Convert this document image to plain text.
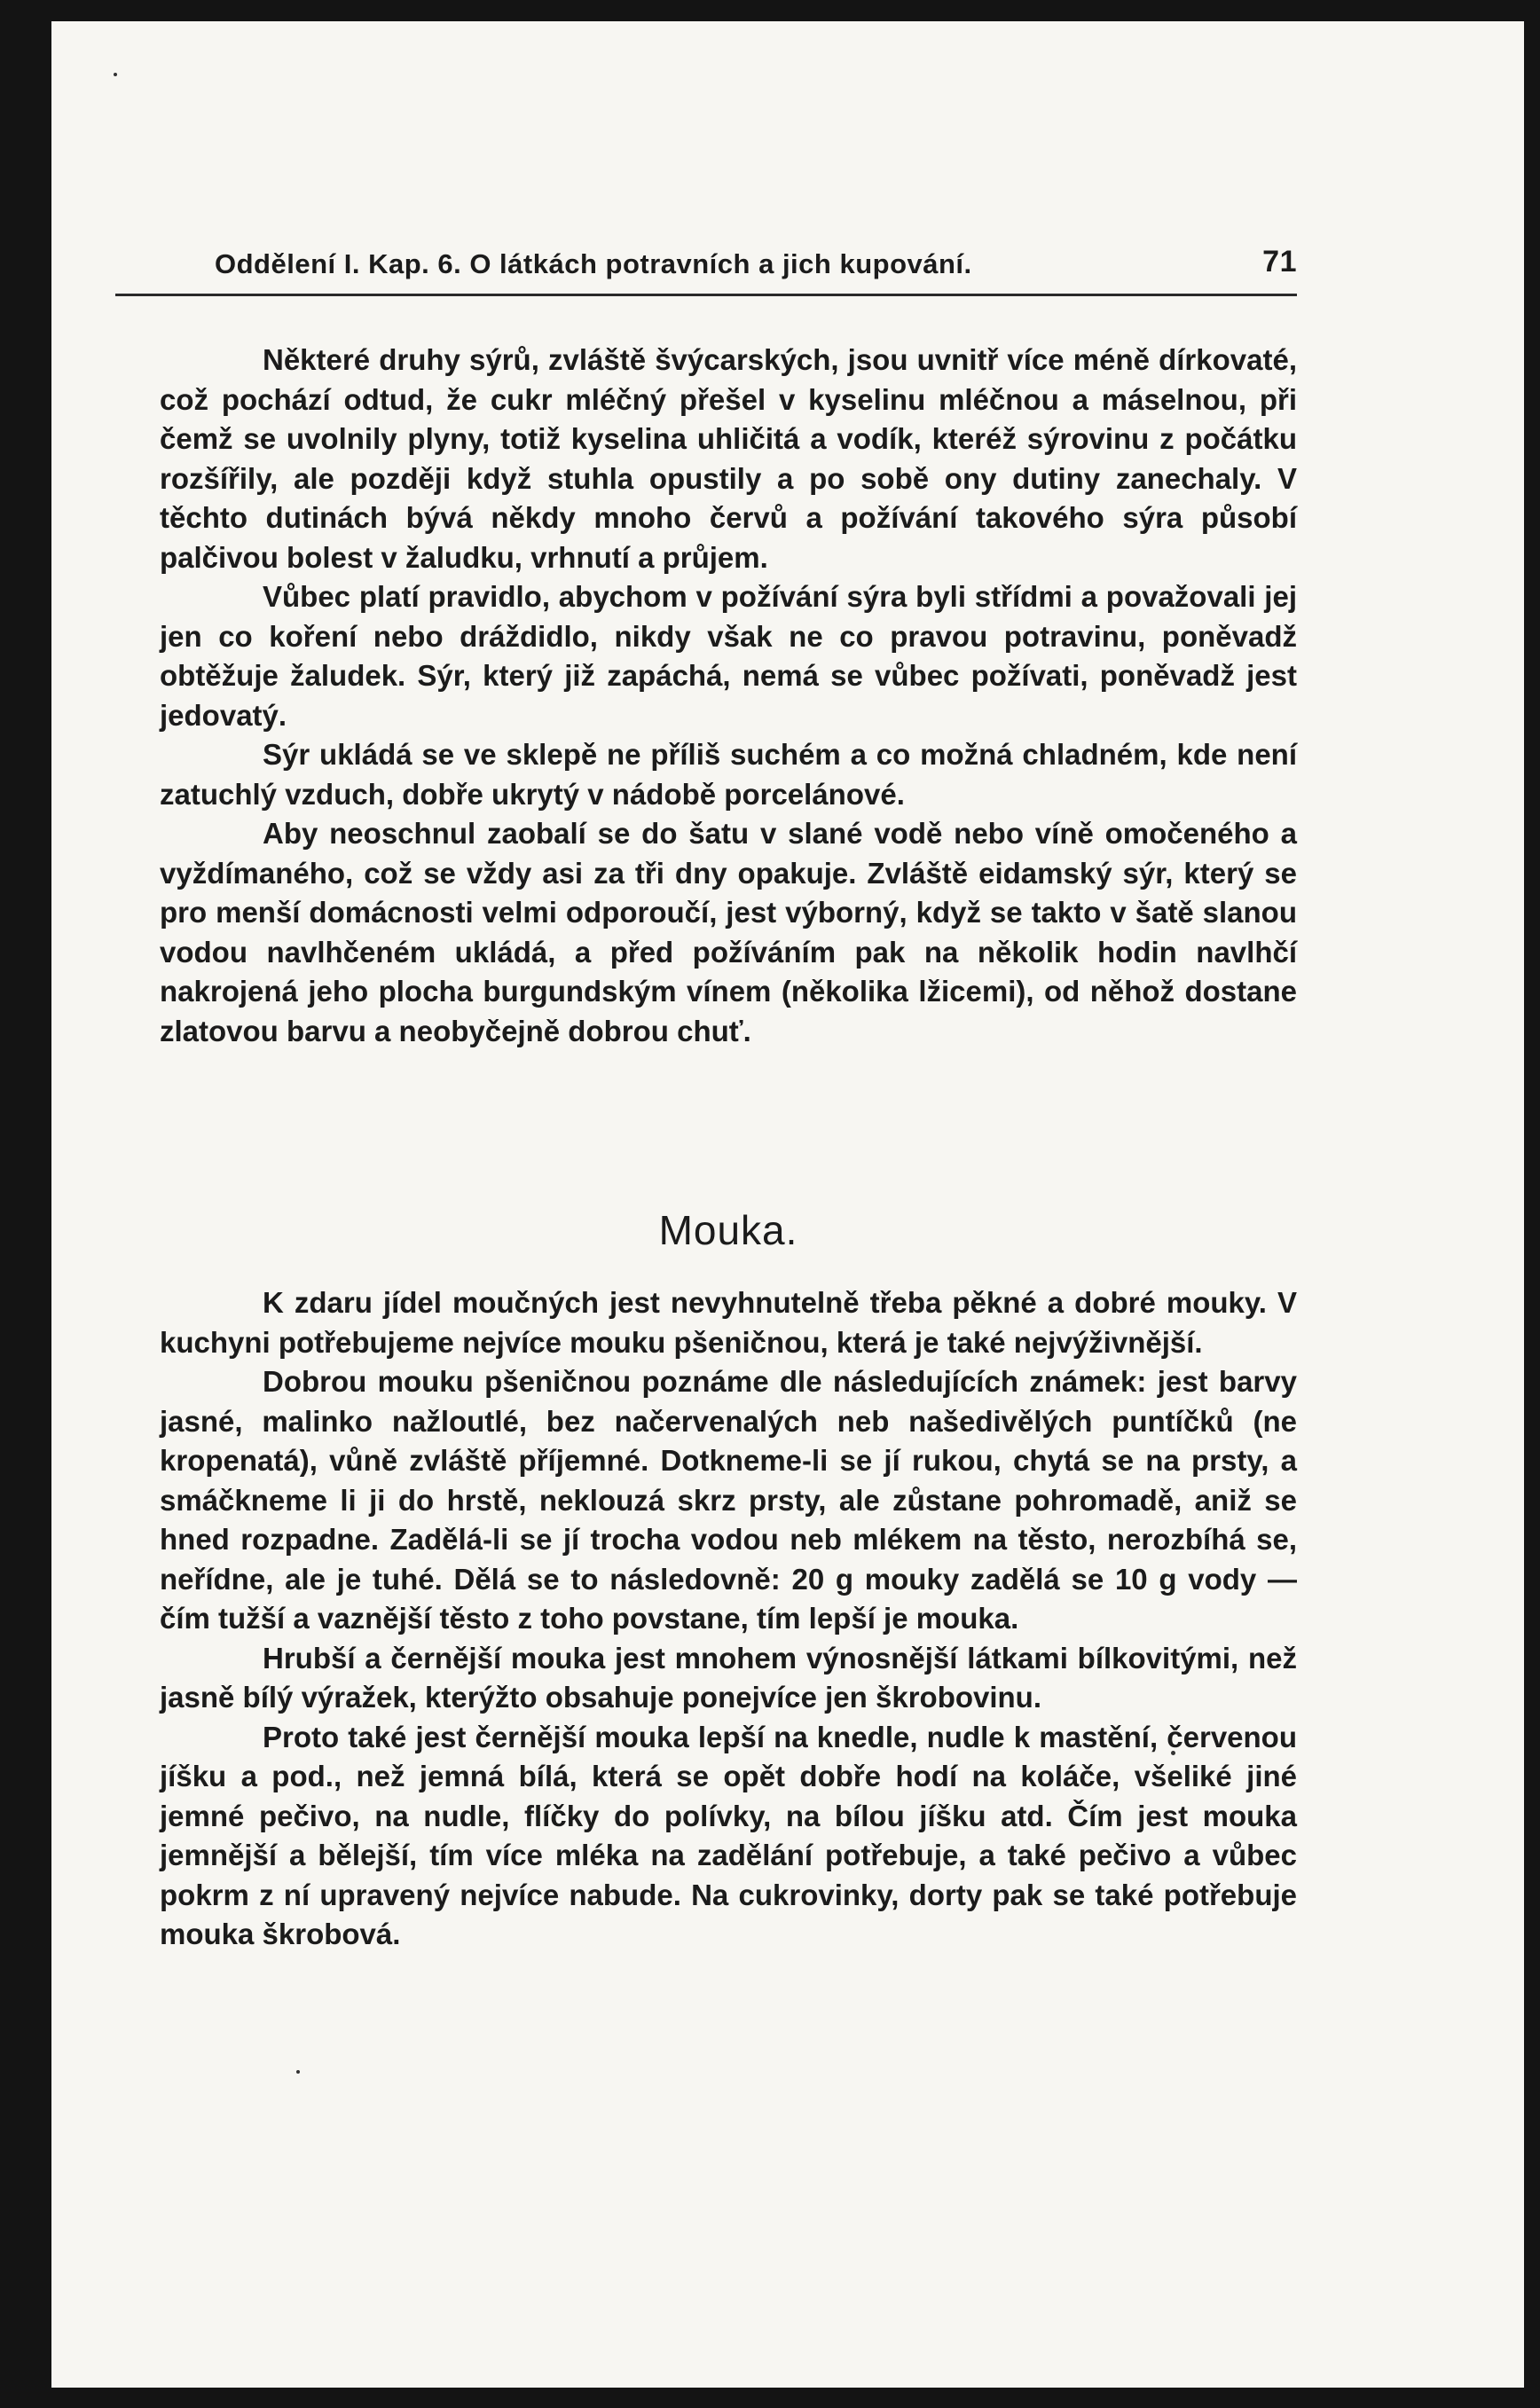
Oddělení I. Kap. 6. O látkách potravních a jich kupování.	71

Některé druhy sýrů, zvláště švýcarských, jsou uvnitř více méně dírkovaté, což pochází odtud, že cukr mléčný přešel v kyselinu mléčnou a máselnou, při čemž se uvolnily plyny, totiž kyselina uhličitá a vodík, kteréž sýrovinu z počátku rozšířily, ale později když stuhla opustily a po sobě ony dutiny zanechaly. V těchto dutinách bývá někdy mnoho červů a požívání takového sýra působí palčivou bolest v žaludku, vrhnutí a průjem.

Vůbec platí pravidlo, abychom v požívání sýra byli střídmi a považovali jej jen co koření nebo dráždidlo, nikdy však ne co pravou potravinu, poněvadž obtěžuje žaludek. Sýr, který již zapáchá, nemá se vůbec požívati, poněvadž jest jedovatý.

Sýr ukládá se ve sklepě ne příliš suchém a co možná chladném, kde není zatuchlý vzduch, dobře ukrytý v nádobě porcelánové.

Aby neoschnul zaobalí se do šatu v slané vodě nebo víně omočeného a vyždímaného, což se vždy asi za tři dny opakuje. Zvláště eidamský sýr, který se pro menší domácnosti velmi odporoučí, jest výborný, když se takto v šatě slanou vodou navlhčeném ukládá, a před požíváním pak na několik hodin navlhčí nakrojená jeho plocha burgundským vínem (několika lžicemi), od něhož dostane zlatovou barvu a neobyčejně dobrou chuť.

Mouka.

K zdaru jídel moučných jest nevyhnutelně třeba pěkné a dobré mouky. V kuchyni potřebujeme nejvíce mouku pšeničnou, která je také nejvýživnější.

Dobrou mouku pšeničnou poznáme dle následujících známek: jest barvy jasné, malinko nažloutlé, bez načervenalých neb našedivělých puntíčků (ne kropenatá), vůně zvláště příjemné. Dotkneme-li se jí rukou, chytá se na prsty, a smáčkneme li ji do hrstě, neklouzá skrz prsty, ale zůstane pohromadě, aniž se hned rozpadne. Zadělá-li se jí trocha vodou neb mlékem na těsto, nerozbíhá se, neřídne, ale je tuhé. Dělá se to následovně: 20 g mouky zadělá se 10 g vody — čím tužší a vaznější těsto z toho povstane, tím lepší je mouka.

Hrubší a černější mouka jest mnohem výnosnější látkami bílkovitými, než jasně bílý výražek, kterýžto obsahuje ponejvíce jen škrobovinu.

Proto také jest černější mouka lepší na knedle, nudle k mastění, červenou jíšku a pod., než jemná bílá, která se opět dobře hodí na koláče, všeliké jiné jemné pečivo, na nudle, flíčky do polívky, na bílou jíšku atd. Čím jest mouka jemnější a bělejší, tím více mléka na zadělání potřebuje, a také pečivo a vůbec pokrm z ní upravený nejvíce nabude. Na cukrovinky, dorty pak se také potřebuje mouka škrobová.
